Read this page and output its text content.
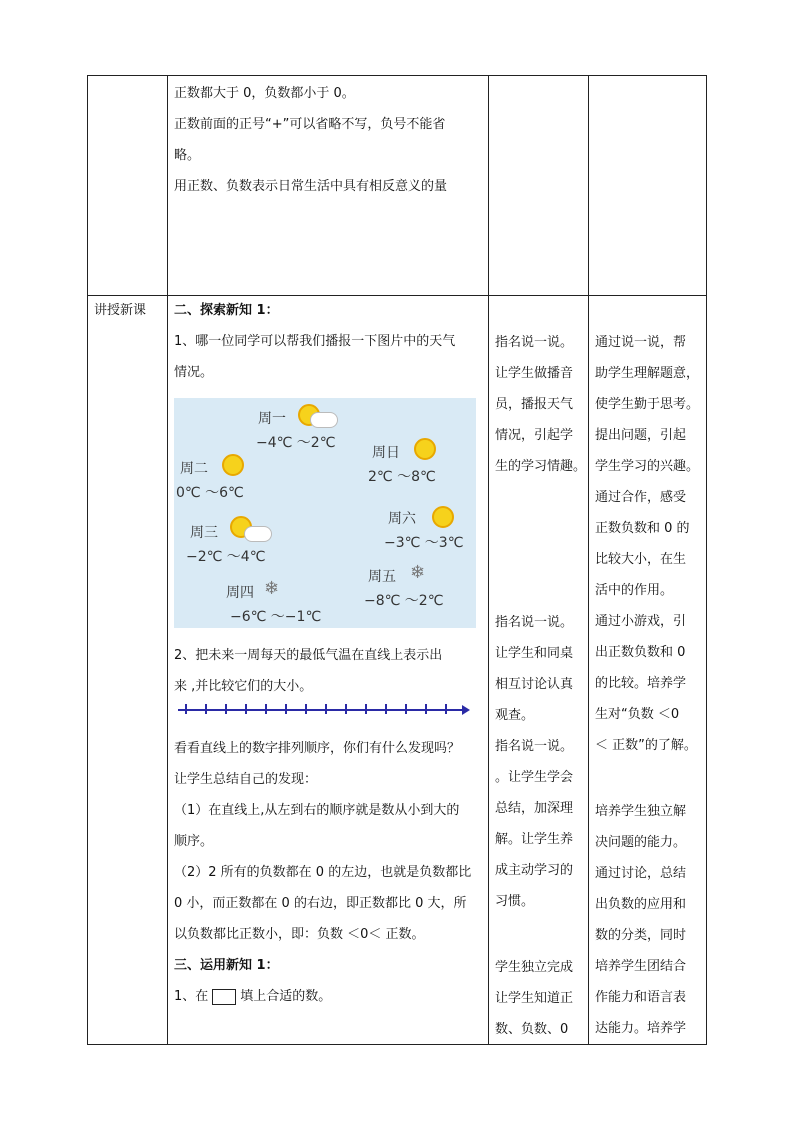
讲授新课

正数都大于 0，负数都小于 0。

正数前面的正号“+”可以省略不写，负号不能省

略。

用正数、负数表示日常生活中具有相反意义的量

二、探索新知 1：

1、哪一位同学可以帮我们播报一下图片中的天气

情况。

周一
−4℃ ～2℃
周日
2℃ ～8℃
周二
0℃ ～6℃
周六
−3℃ ～3℃
周三
−2℃ ～4℃
周四 ❄
−6℃ ～−1℃
周五 ❄
−8℃ ～2℃

2、把未来一周每天的最低气温在直线上表示出

来 ,并比较它们的大小。

看看直线上的数字排列顺序，你们有什么发现吗？

让学生总结自己的发现：

（1）在直线上,从左到右的顺序就是数从小到大的

顺序。

（2）2 所有的负数都在 0 的左边，也就是负数都比

0 小，而正数都在 0 的右边，即正数都比 0 大，所

以负数都比正数小，即：负数 ＜0＜ 正数。

三、运用新知 1：

1、在 填上合适的数。

指名说一说。

让学生做播音

员，播报天气

情况，引起学

生的学习情趣。

指名说一说。

让学生和同桌

相互讨论认真

观查。

指名说一说。

。让学生学会

总结，加深理

解。让学生养

成主动学习的

习惯。

学生独立完成

让学生知道正

数、负数、0

通过说一说，帮

助学生理解题意，

使学生勤于思考。

提出问题，引起

学生学习的兴趣。

通过合作，感受

正数负数和 0 的

比较大小，在生

活中的作用。

通过小游戏，引

出正数负数和 0

的比较。培养学

生对“负数 ＜0

＜ 正数”的了解。

培养学生独立解

决问题的能力。

通过讨论，总结

出负数的应用和

数的分类，同时

培养学生团结合

作能力和语言表

达能力。培养学
